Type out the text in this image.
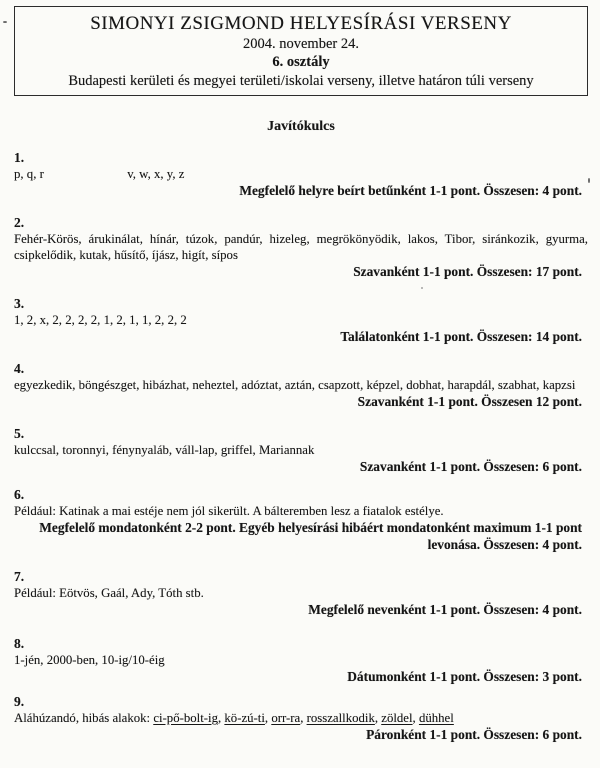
SIMONYI ZSIGMOND HELYESÍRÁSI VERSENY
2004. november 24.
6. osztály
Budapesti kerületi és megyei területi/iskolai verseny, illetve határon túli verseny
Javítókulcs
1.
p, q, r	v, w, x, y, z
Megfelelő helyre beírt betűnként 1-1 pont. Összesen: 4 pont.
2.
Fehér-Körös, árukinálat, hínár, túzok, pandúr, hizeleg, megrökönyödik, lakos, Tibor, siránkozik, gyurma, csipkelődik, kutak, hűsítő, íjász, higít, sípos
Szavanként 1-1 pont. Összesen: 17 pont.
3.
1, 2, x, 2, 2, 2, 2, 1, 2, 1, 1, 2, 2, 2
Találatonként 1-1 pont. Összesen: 14 pont.
4.
egyezkedik, böngészget, hibázhat, neheztel, adóztat, aztán, csapzott, képzel, dobhat, harapdál, szabhat, kapzsi
Szavanként 1-1 pont. Összesen 12 pont.
5.
kulccsal, toronnyi, fénynyaláb, váll-lap, griffel, Mariannak
Szavanként 1-1 pont. Összesen: 6 pont.
6.
Például: Katinak a mai estéje nem jól sikerült. A bálteremben lesz a fiatalok estélye.
Megfelelő mondatonként 2-2 pont. Egyéb helyesírási hibáért mondatonként maximum 1-1 pont levonása. Összesen: 4 pont.
7.
Például: Eötvös, Gaál, Ady, Tóth stb.
Megfelelő nevenként 1-1 pont. Összesen: 4 pont.
8.
1-jén, 2000-ben, 10-ig/10-éig
Dátumonként 1-1 pont. Összesen: 3 pont.
9.
Aláhúzandó, hibás alakok: ci-pő-bolt-ig, kö-zú-ti, orr-ra, rosszallkodik, zöldel, dühhel
Páronként 1-1 pont. Összesen: 6 pont.
